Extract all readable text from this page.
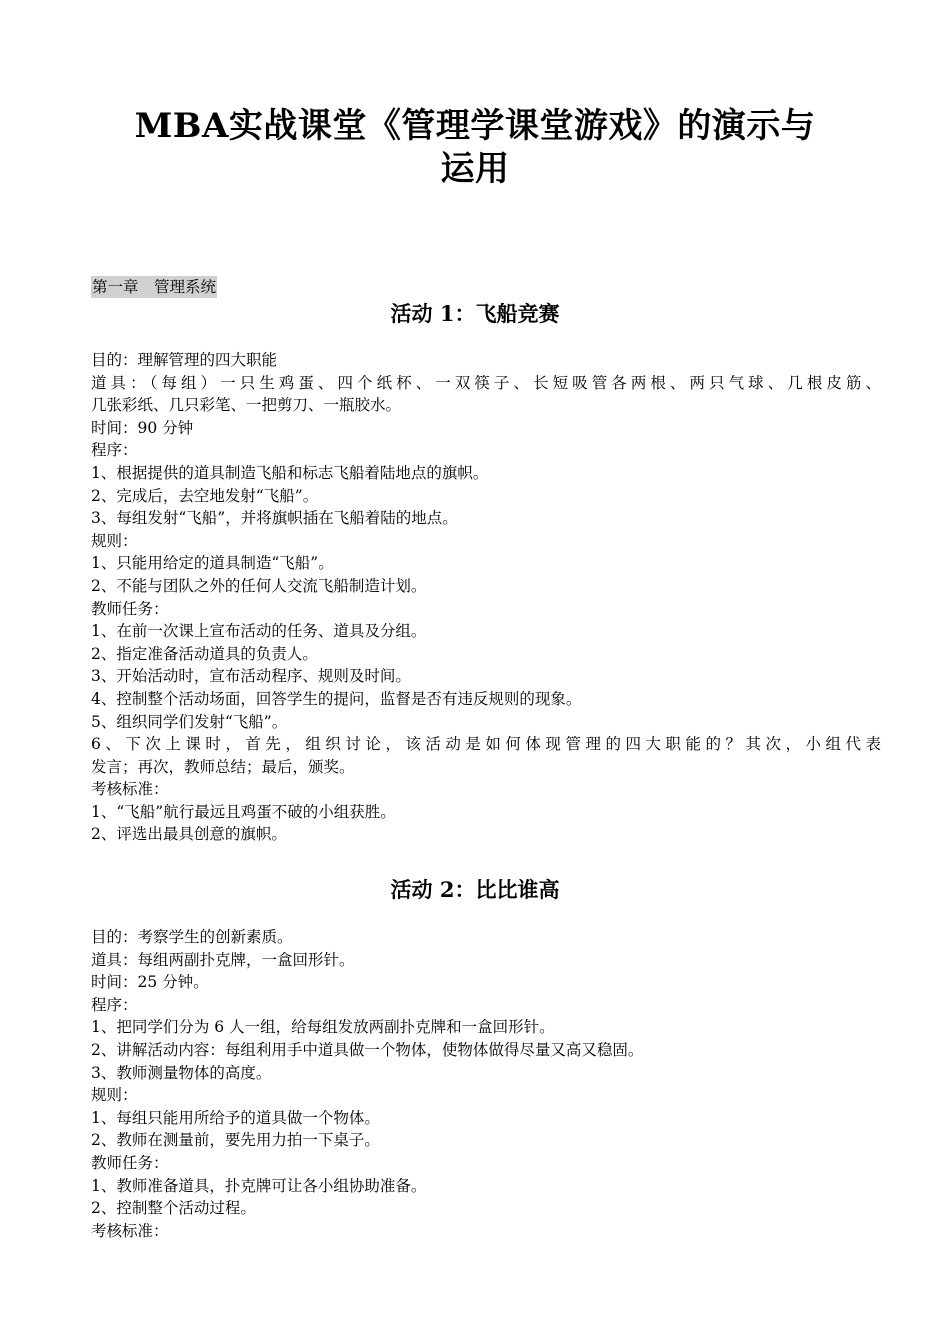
MBA实战课堂《管理学课堂游戏》的演示与
运用
第一章　管理系统
活动 1：飞船竞赛
目的：理解管理的四大职能
道具：（每组）一只生鸡蛋、四个纸杯、一双筷子、长短吸管各两根、两只气球、几根皮筋、
几张彩纸、几只彩笔、一把剪刀、一瓶胶水。
时间：90 分钟
程序：
1、根据提供的道具制造飞船和标志飞船着陆地点的旗帜。
2、完成后，去空地发射“飞船”。
3、每组发射“飞船”，并将旗帜插在飞船着陆的地点。
规则：
1、只能用给定的道具制造“飞船”。
2、不能与团队之外的任何人交流飞船制造计划。
教师任务：
1、在前一次课上宣布活动的任务、道具及分组。
2、指定准备活动道具的负责人。
3、开始活动时，宣布活动程序、规则及时间。
4、控制整个活动场面，回答学生的提问，监督是否有违反规则的现象。
5、组织同学们发射“飞船”。
6、下次上课时，首先，组织讨论，该活动是如何体现管理的四大职能的？其次，小组代表
发言；再次，教师总结；最后，颁奖。
考核标准：
1、“飞船”航行最远且鸡蛋不破的小组获胜。
2、评选出最具创意的旗帜。
活动 2：比比谁高
目的：考察学生的创新素质。
道具：每组两副扑克牌，一盒回形针。
时间：25 分钟。
程序：
1、把同学们分为 6 人一组，给每组发放两副扑克牌和一盒回形针。
2、讲解活动内容：每组利用手中道具做一个物体，使物体做得尽量又高又稳固。
3、教师测量物体的高度。
规则：
1、每组只能用所给予的道具做一个物体。
2、教师在测量前，要先用力拍一下桌子。
教师任务：
1、教师准备道具，扑克牌可让各小组协助准备。
2、控制整个活动过程。
考核标准：
